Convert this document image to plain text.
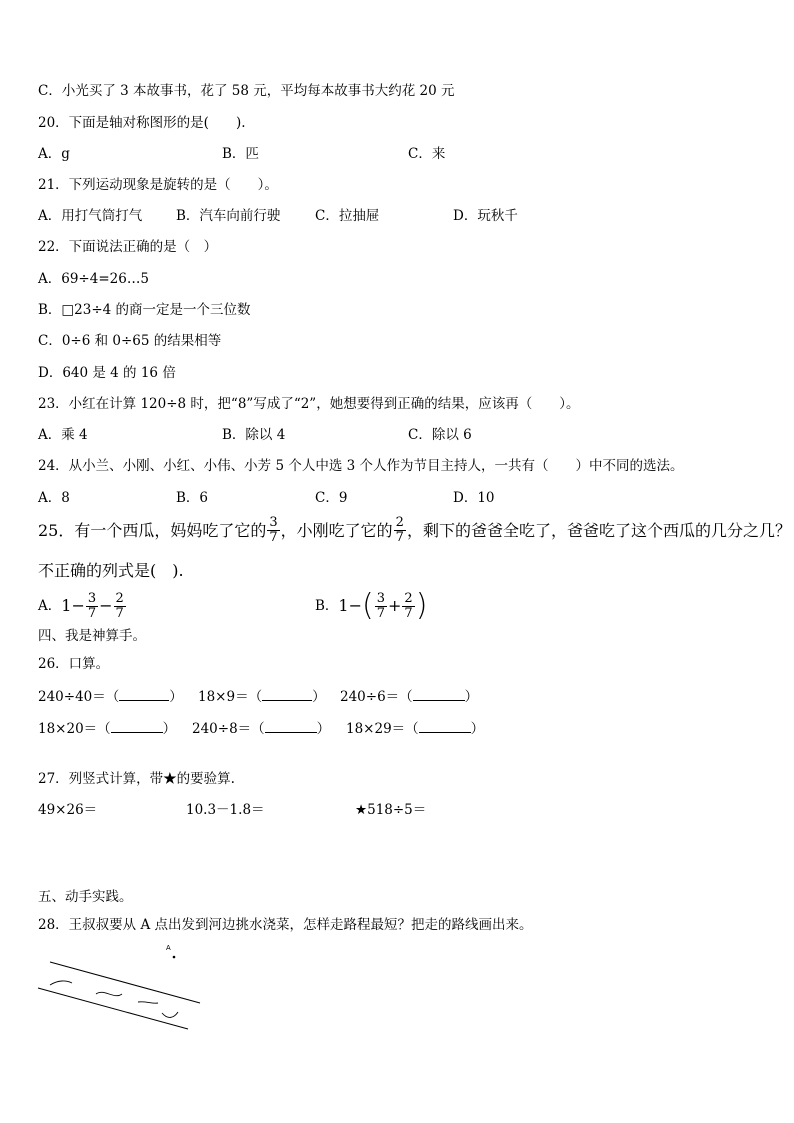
C．小光买了 3 本故事书，花了 58 元，平均每本故事书大约花 20 元
20．下面是轴对称图形的是(　　).
A．g	B．匹	C．来
21．下列运动现象是旋转的是（　　）。
A．用打气筒打气	B．汽车向前行驶	C．拉抽屉	D．玩秋千
22．下面说法正确的是（　）
A．69÷4=26…5
B．□23÷4 的商一定是一个三位数
C．0÷6 和 0÷65 的结果相等
D．640 是 4 的 16 倍
23．小红在计算 120÷8 时，把“8”写成了“2”，她想要得到正确的结果，应该再（　　）。
A．乘 4	B．除以 4	C．除以 6
24．从小兰、小刚、小红、小伟、小芳 5 个人中选 3 个人作为节目主持人，一共有（　　）中不同的选法。
A．8	B．6	C．9	D．10
25．有一个西瓜，妈妈吃了它的 $\frac{3}{7}$ ，小刚吃了它的 $\frac{2}{7}$ ，剩下的爸爸全吃了，爸爸吃了这个西瓜的几分之几？
不正确的列式是(　).
A． $1 - \frac{3}{7} - \frac{2}{7}$	B． 1 − ( $\frac{3}{7} + \frac{2}{7}$ )
四、我是神算手。
26．口算。
240÷40＝（	） 18×9＝（	） 240÷6＝（	）
18×20＝（	） 240÷8＝（	） 18×29＝（	）
27．列竖式计算，带★的要验算.
49×26＝	10.3－1.8＝	★518÷5＝
五、动手实践。
28．王叔叔要从 A 点出发到河边挑水浇菜，怎样走路程最短？把走的路线画出来。
A
